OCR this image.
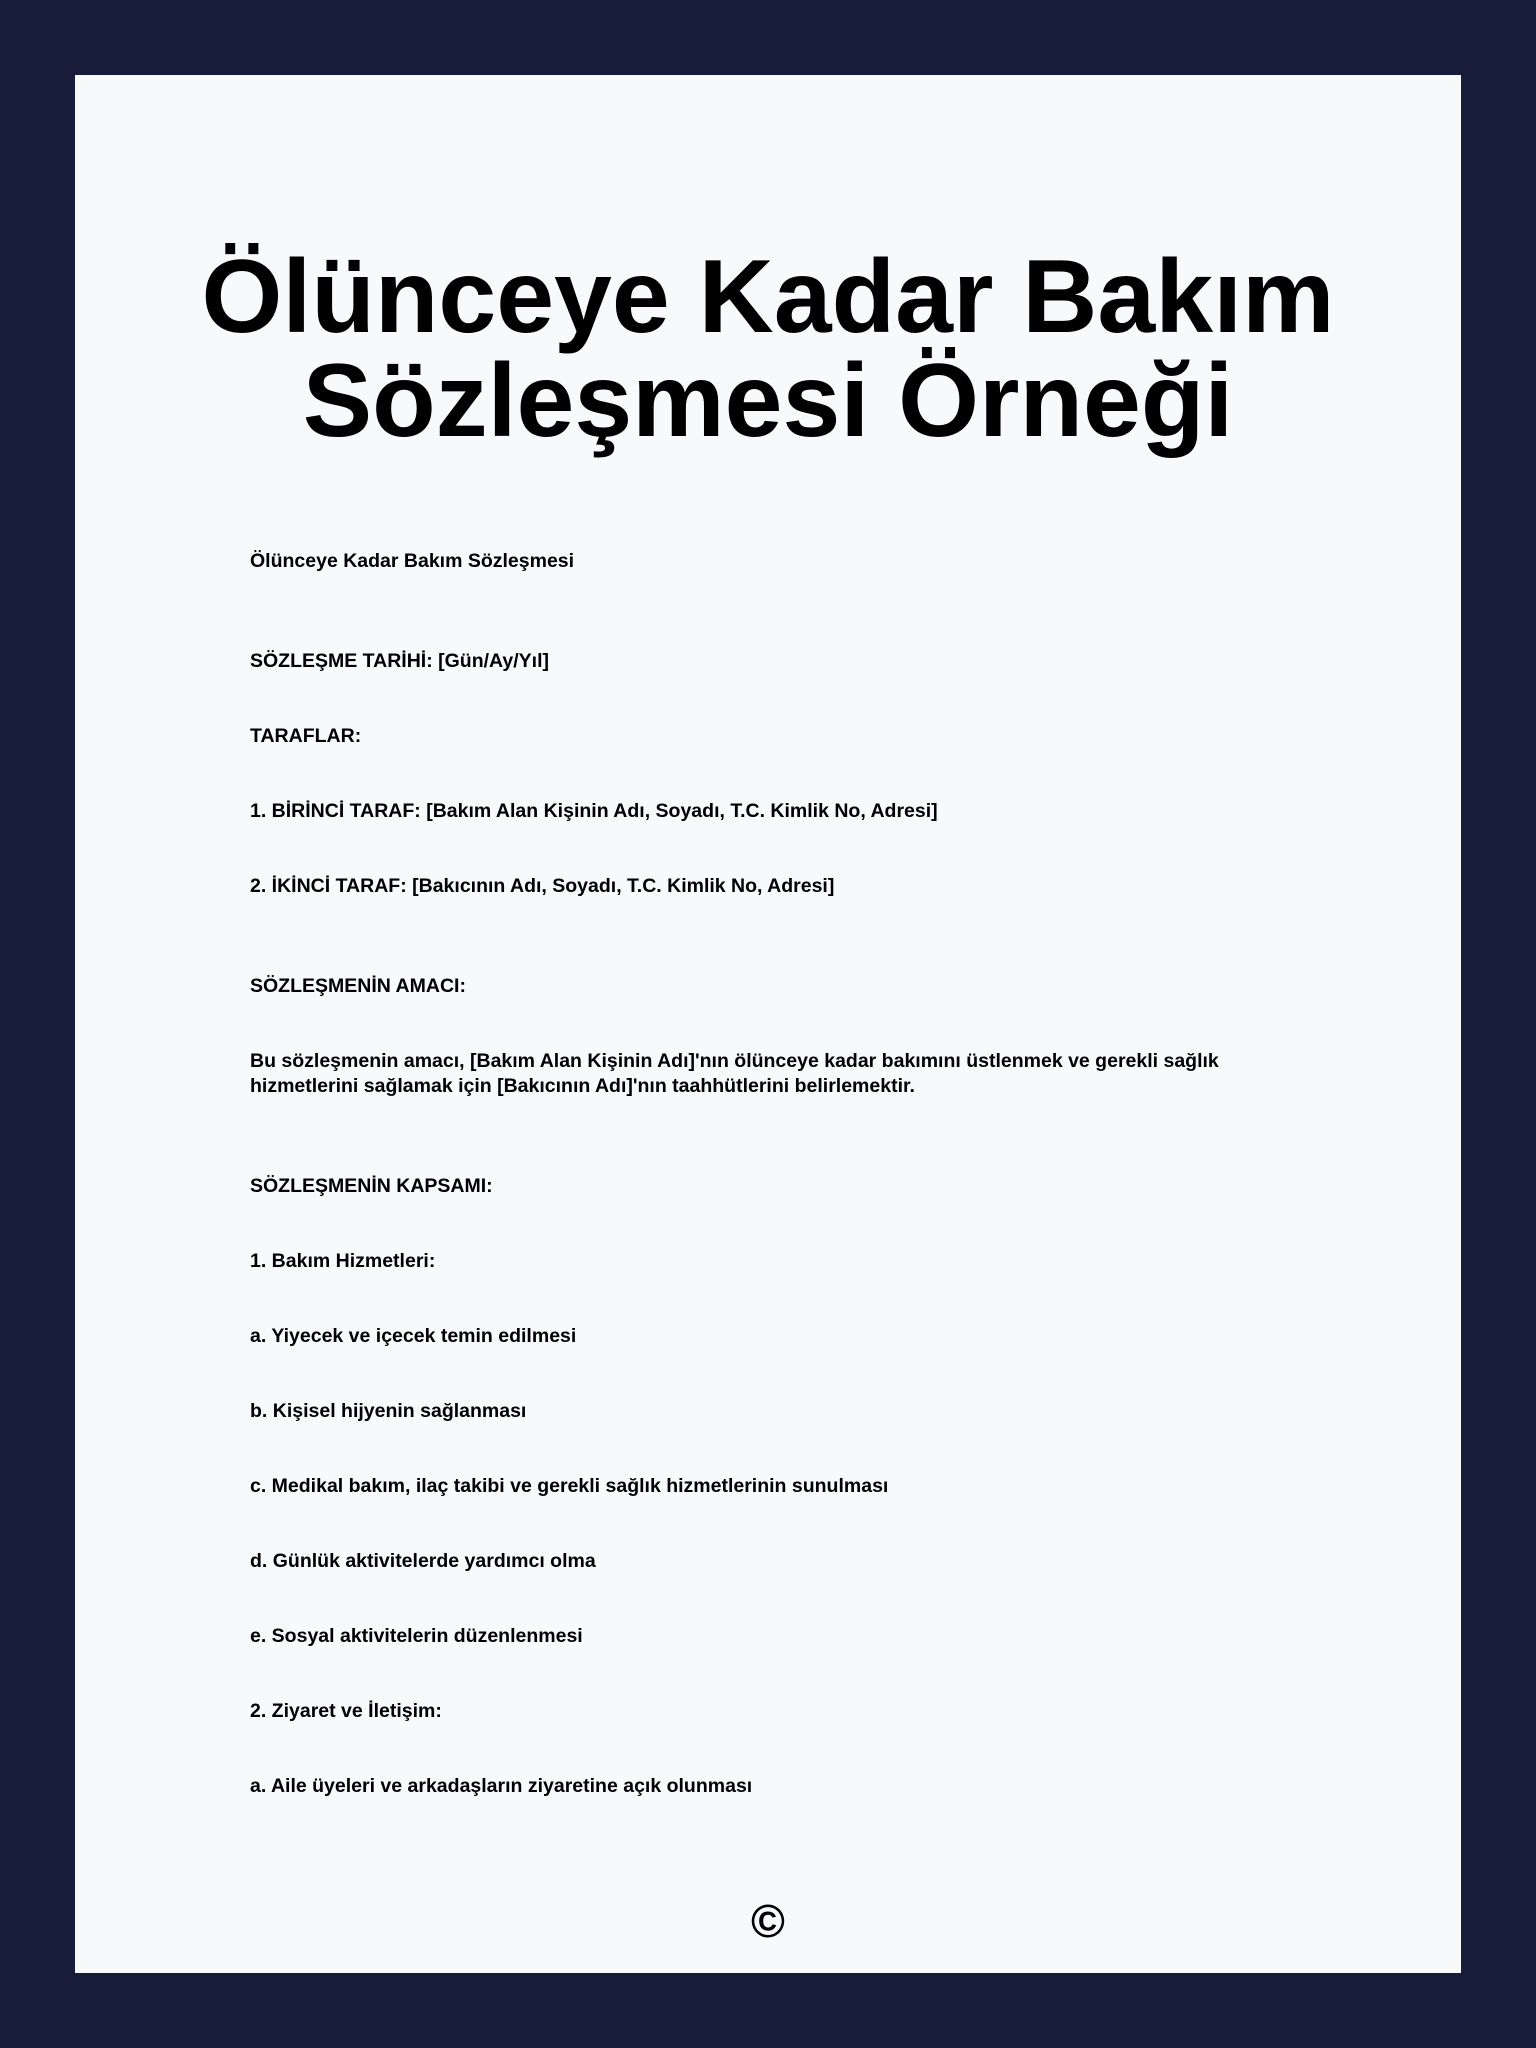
Ölünceye Kadar Bakım
Sözleşmesi Örneği

Ölünceye Kadar Bakım Sözleşmesi

SÖZLEŞME TARİHİ: [Gün/Ay/Yıl]

TARAFLAR:

1. BİRİNCİ TARAF: [Bakım Alan Kişinin Adı, Soyadı, T.C. Kimlik No, Adresi]

2. İKİNCİ TARAF: [Bakıcının Adı, Soyadı, T.C. Kimlik No, Adresi]

SÖZLEŞMENİN AMACI:

Bu sözleşmenin amacı, [Bakım Alan Kişinin Adı]'nın ölünceye kadar bakımını üstlenmek ve gerekli sağlık
hizmetlerini sağlamak için [Bakıcının Adı]'nın taahhütlerini belirlemektir.

SÖZLEŞMENİN KAPSAMI:

1. Bakım Hizmetleri:

a. Yiyecek ve içecek temin edilmesi

b. Kişisel hijyenin sağlanması

c. Medikal bakım, ilaç takibi ve gerekli sağlık hizmetlerinin sunulması

d. Günlük aktivitelerde yardımcı olma

e. Sosyal aktivitelerin düzenlenmesi

2. Ziyaret ve İletişim:

a. Aile üyeleri ve arkadaşların ziyaretine açık olunması

©
